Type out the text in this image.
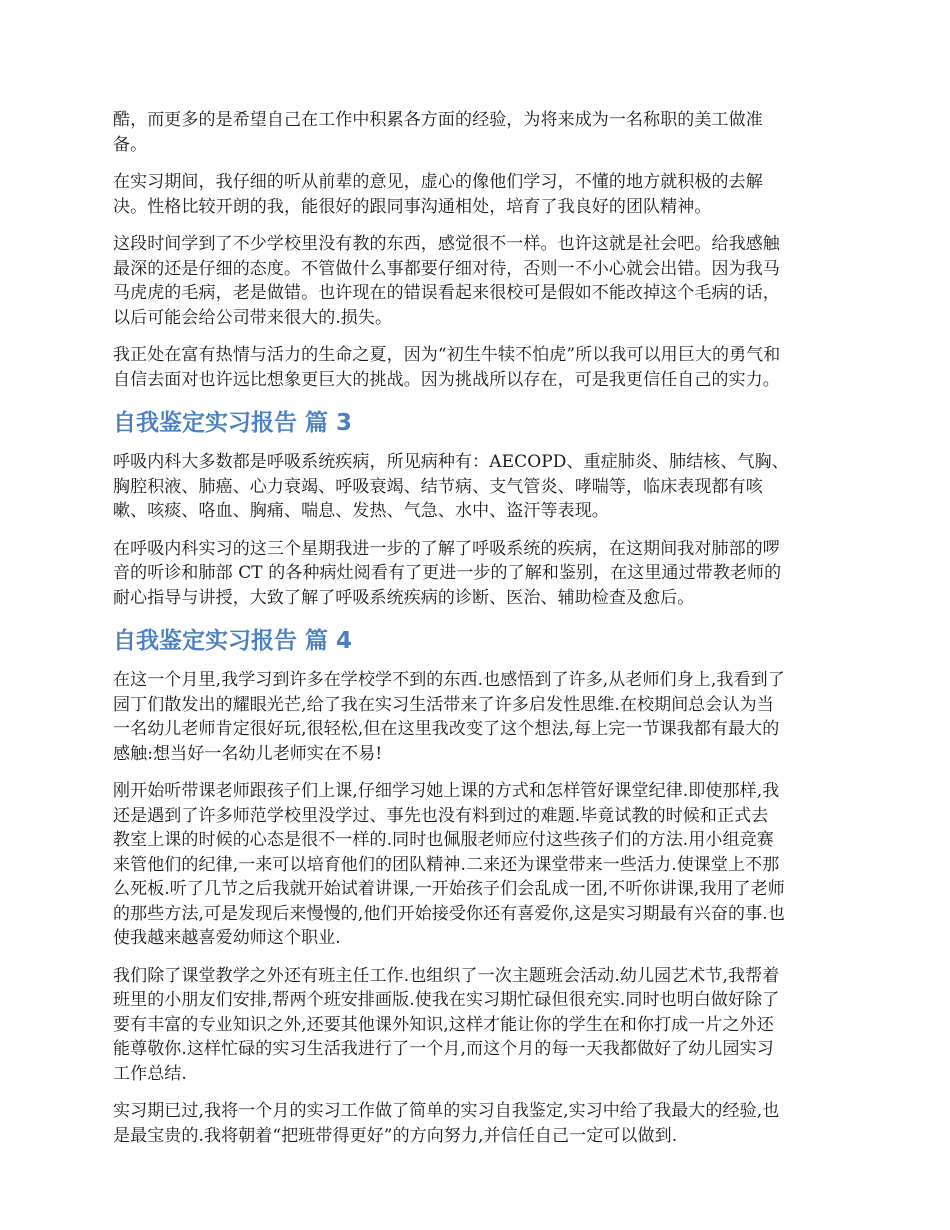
酷，而更多的是希望自己在工作中积累各方面的经验，为将来成为一名称职的美工做准
备。

在实习期间，我仔细的听从前辈的意见，虚心的像他们学习，不懂的地方就积极的去解
决。性格比较开朗的我，能很好的跟同事沟通相处，培育了我良好的团队精神。

这段时间学到了不少学校里没有教的东西，感觉很不一样。也许这就是社会吧。给我感触
最深的还是仔细的态度。不管做什么事都要仔细对待，否则一不小心就会出错。因为我马
马虎虎的毛病，老是做错。也许现在的错误看起来很校可是假如不能改掉这个毛病的话，
以后可能会给公司带来很大的.损失。

我正处在富有热情与活力的生命之夏，因为“初生牛犊不怕虎”所以我可以用巨大的勇气和
自信去面对也许远比想象更巨大的挑战。因为挑战所以存在，可是我更信任自己的实力。

自我鉴定实习报告 篇 3

呼吸内科大多数都是呼吸系统疾病，所见病种有：AECOPD、重症肺炎、肺结核、气胸、
胸腔积液、肺癌、心力衰竭、呼吸衰竭、结节病、支气管炎、哮喘等，临床表现都有咳
嗽、咳痰、咯血、胸痛、喘息、发热、气急、水中、盗汗等表现。

在呼吸内科实习的这三个星期我进一步的了解了呼吸系统的疾病，在这期间我对肺部的啰
音的听诊和肺部 CT 的各种病灶阅看有了更进一步的了解和鉴别，在这里通过带教老师的
耐心指导与讲授，大致了解了呼吸系统疾病的诊断、医治、辅助检查及愈后。

自我鉴定实习报告 篇 4

在这一个月里,我学习到许多在学校学不到的东西.也感悟到了许多,从老师们身上,我看到了
园丁们散发出的耀眼光芒,给了我在实习生活带来了许多启发性思维.在校期间总会认为当
一名幼儿老师肯定很好玩,很轻松,但在这里我改变了这个想法,每上完一节课我都有最大的
感触:想当好一名幼儿老师实在不易!

刚开始听带课老师跟孩子们上课,仔细学习她上课的方式和怎样管好课堂纪律.即使那样,我
还是遇到了许多师范学校里没学过、事先也没有料到过的难题.毕竟试教的时候和正式去
教室上课的时候的心态是很不一样的.同时也佩服老师应付这些孩子们的方法.用小组竞赛
来管他们的纪律,一来可以培育他们的团队精神.二来还为课堂带来一些活力.使课堂上不那
么死板.听了几节之后我就开始试着讲课,一开始孩子们会乱成一团,不听你讲课,我用了老师
的那些方法,可是发现后来慢慢的,他们开始接受你还有喜爱你,这是实习期最有兴奋的事.也
使我越来越喜爱幼师这个职业.

我们除了课堂教学之外还有班主任工作.也组织了一次主题班会活动.幼儿园艺术节,我帮着
班里的小朋友们安排,帮两个班安排画版.使我在实习期忙碌但很充实.同时也明白做好除了
要有丰富的专业知识之外,还要其他课外知识,这样才能让你的学生在和你打成一片之外还
能尊敬你.这样忙碌的实习生活我进行了一个月,而这个月的每一天我都做好了幼儿园实习
工作总结.

实习期已过,我将一个月的实习工作做了简单的实习自我鉴定,实习中给了我最大的经验,也
是最宝贵的.我将朝着“把班带得更好”的方向努力,并信任自己一定可以做到.
